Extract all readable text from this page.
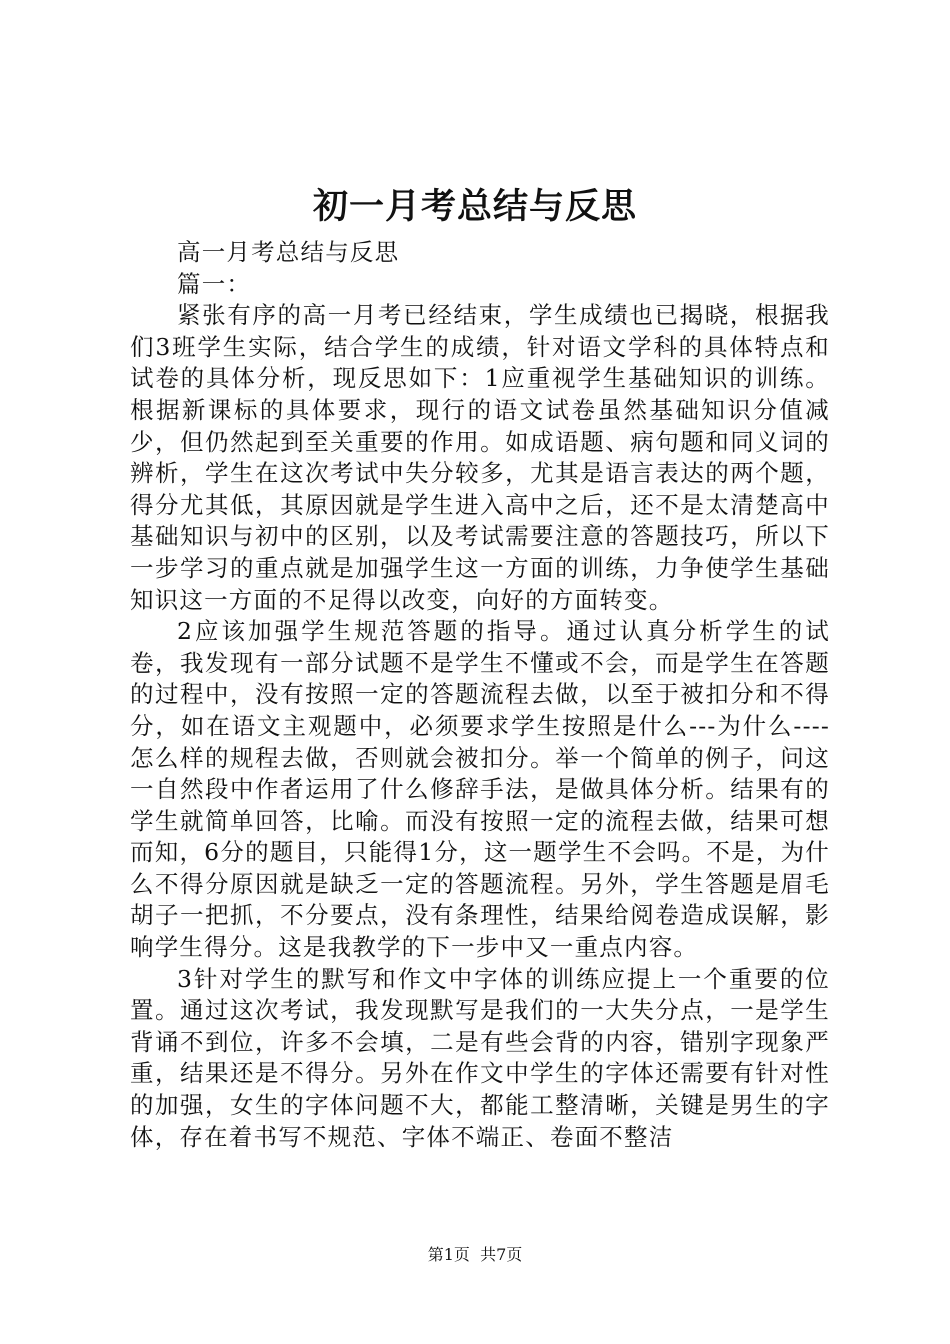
初一月考总结与反思

高一月考总结与反思

篇一：

紧张有序的高一月考已经结束，学生成绩也已揭晓，根据我们3班学生实际，结合学生的成绩，针对语文学科的具体特点和试卷的具体分析，现反思如下：1应重视学生基础知识的训练。根据新课标的具体要求，现行的语文试卷虽然基础知识分值减少，但仍然起到至关重要的作用。如成语题、病句题和同义词的辨析，学生在这次考试中失分较多，尤其是语言表达的两个题，得分尤其低，其原因就是学生进入高中之后，还不是太清楚高中基础知识与初中的区别，以及考试需要注意的答题技巧，所以下一步学习的重点就是加强学生这一方面的训练，力争使学生基础知识这一方面的不足得以改变，向好的方面转变。

2应该加强学生规范答题的指导。通过认真分析学生的试卷，我发现有一部分试题不是学生不懂或不会，而是学生在答题的过程中，没有按照一定的答题流程去做，以至于被扣分和不得分，如在语文主观题中，必须要求学生按照是什么---为什么----怎么样的规程去做，否则就会被扣分。举一个简单的例子，问这一自然段中作者运用了什么修辞手法，是做具体分析。结果有的学生就简单回答，比喻。而没有按照一定的流程去做，结果可想而知，6分的题目，只能得1分，这一题学生不会吗。不是，为什么不得分原因就是缺乏一定的答题流程。另外，学生答题是眉毛胡子一把抓，不分要点，没有条理性，结果给阅卷造成误解，影响学生得分。这是我教学的下一步中又一重点内容。

3针对学生的默写和作文中字体的训练应提上一个重要的位置。通过这次考试，我发现默写是我们的一大失分点，一是学生背诵不到位，许多不会填，二是有些会背的内容，错别字现象严重，结果还是不得分。另外在作文中学生的字体还需要有针对性的加强，女生的字体问题不大，都能工整清晰，关键是男生的字体，存在着书写不规范、字体不端正、卷面不整洁

第1页  共7页
